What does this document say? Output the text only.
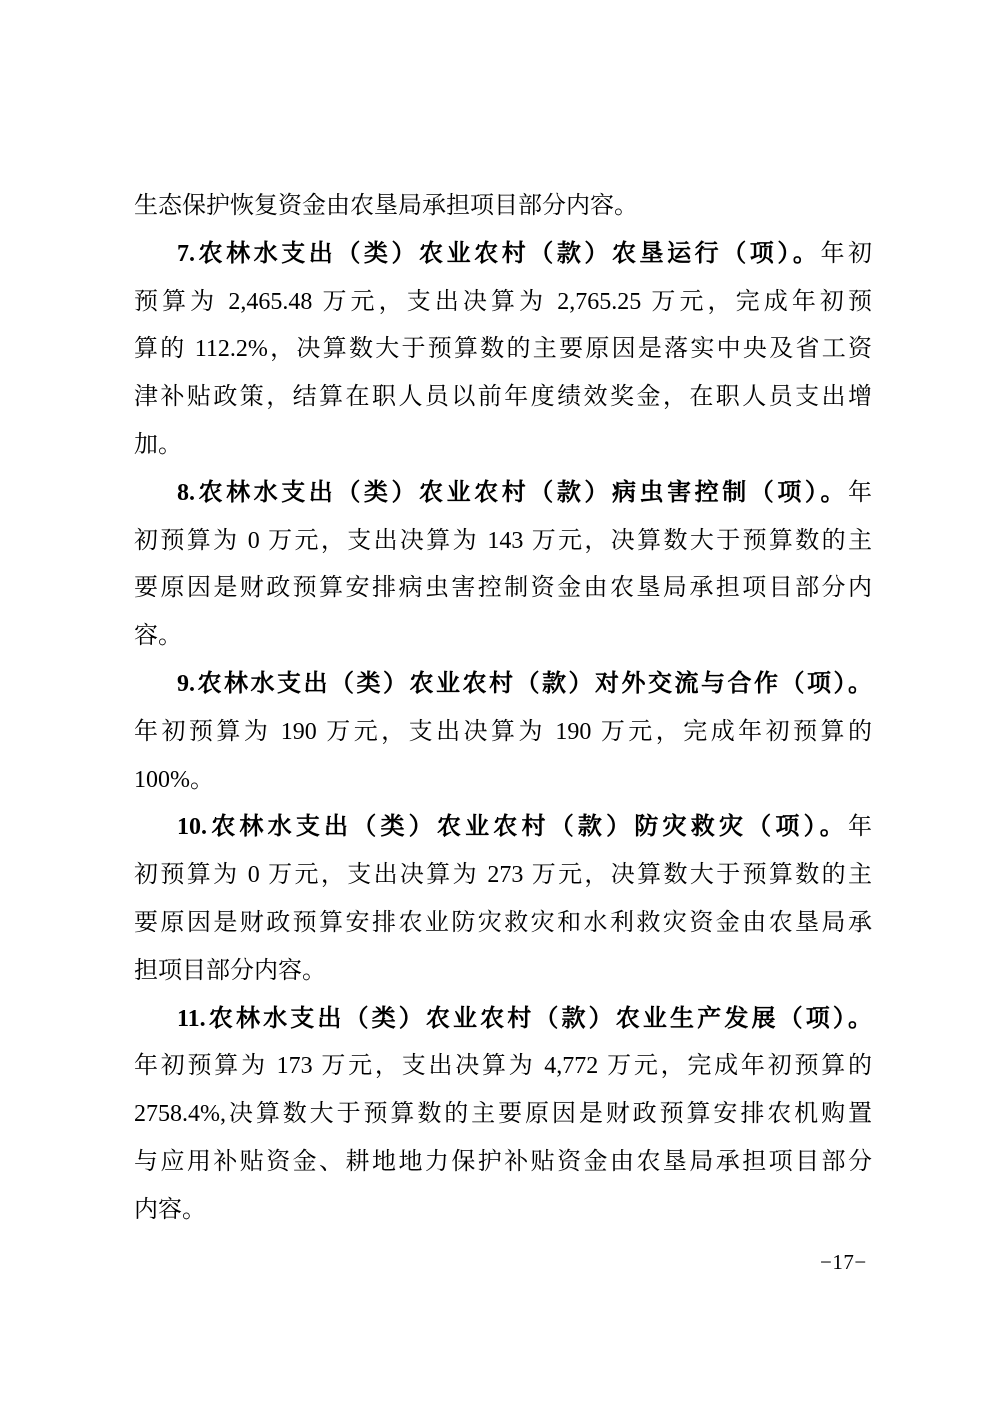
生态保护恢复资金由农垦局承担项目部分内容。
7.农林水支出（类）农业农村（款）农垦运行（项）。年初
预算为 2,465.48 万元，支出决算为 2,765.25 万元，完成年初预
算的 112.2%，决算数大于预算数的主要原因是落实中央及省工资
津补贴政策，结算在职人员以前年度绩效奖金，在职人员支出增
加。
8.农林水支出（类）农业农村（款）病虫害控制（项）。年
初预算为 0 万元，支出决算为 143 万元，决算数大于预算数的主
要原因是财政预算安排病虫害控制资金由农垦局承担项目部分内
容。
9.农林水支出（类）农业农村（款）对外交流与合作（项）。
年初预算为 190 万元，支出决算为 190 万元，完成年初预算的
100%。
10.农林水支出（类）农业农村（款）防灾救灾（项）。年
初预算为 0 万元，支出决算为 273 万元，决算数大于预算数的主
要原因是财政预算安排农业防灾救灾和水利救灾资金由农垦局承
担项目部分内容。
11.农林水支出（类）农业农村（款）农业生产发展（项）。
年初预算为 173 万元，支出决算为 4,772 万元，完成年初预算的
2758.4%,决算数大于预算数的主要原因是财政预算安排农机购置
与应用补贴资金、耕地地力保护补贴资金由农垦局承担项目部分
内容。
−17−
